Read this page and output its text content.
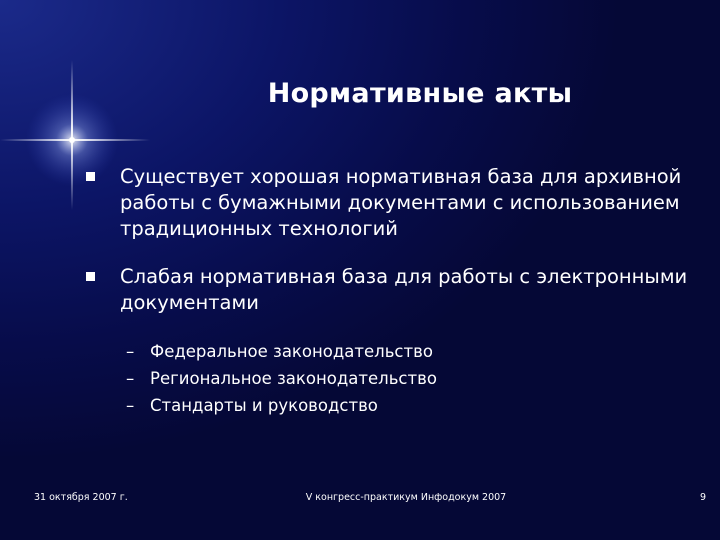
Нормативные акты
Существует хорошая нормативная база для архивной работы с бумажными документами с использованием традиционных технологий
Слабая нормативная база для работы с электронными документами
– Федеральное законодательство
– Региональное законодательство
– Стандарты и руководство
31 октября 2007 г.	V конгресс-практикум Инфодокум 2007	9
